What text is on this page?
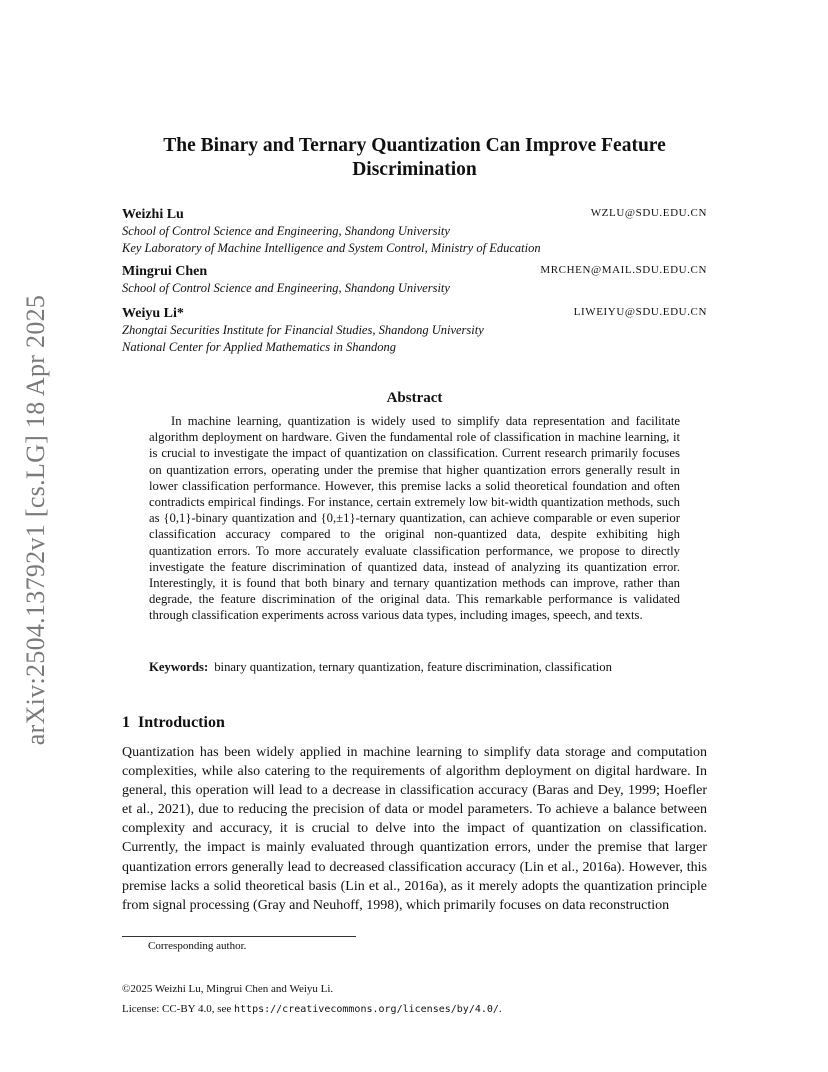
arXiv:2504.13792v1 [cs.LG] 18 Apr 2025
The Binary and Ternary Quantization Can Improve Feature Discrimination
Weizhi Lu	WZLU@SDU.EDU.CN
School of Control Science and Engineering, Shandong University
Key Laboratory of Machine Intelligence and System Control, Ministry of Education
Mingrui Chen	MRCHEN@MAIL.SDU.EDU.CN
School of Control Science and Engineering, Shandong University
Weiyu Li*	LIWEIYU@SDU.EDU.CN
Zhongtai Securities Institute for Financial Studies, Shandong University
National Center for Applied Mathematics in Shandong
Abstract

In machine learning, quantization is widely used to simplify data representation and facilitate algorithm deployment on hardware. Given the fundamental role of classification in machine learning, it is crucial to investigate the impact of quantization on classification. Current research primarily focuses on quantization errors, operating under the premise that higher quantization errors generally result in lower classification performance. However, this premise lacks a solid theoretical foundation and often contradicts empirical findings. For instance, certain extremely low bit-width quantization methods, such as {0,1}-binary quantization and {0,±1}-ternary quantization, can achieve comparable or even superior classification accuracy compared to the original non-quantized data, despite exhibiting high quantization errors. To more accurately evaluate classification performance, we propose to directly investigate the feature discrimination of quantized data, instead of analyzing its quantization error. Interestingly, it is found that both binary and ternary quantization methods can improve, rather than degrade, the feature discrimination of the original data. This remarkable performance is validated through classification experiments across various data types, including images, speech, and texts.

Keywords: binary quantization, ternary quantization, feature discrimination, classification

1 Introduction

Quantization has been widely applied in machine learning to simplify data storage and computation complexities, while also catering to the requirements of algorithm deployment on digital hardware. In general, this operation will lead to a decrease in classification accuracy (Baras and Dey, 1999; Hoefler et al., 2021), due to reducing the precision of data or model parameters. To achieve a balance between complexity and accuracy, it is crucial to delve into the impact of quantization on classification. Currently, the impact is mainly evaluated through quantization errors, under the premise that larger quantization errors generally lead to decreased classification accuracy (Lin et al., 2016a). However, this premise lacks a solid theoretical basis (Lin et al., 2016a), as it merely adopts the quantization principle from signal processing (Gray and Neuhoff, 1998), which primarily focuses on data reconstruction

Corresponding author.
©2025 Weizhi Lu, Mingrui Chen and Weiyu Li.
License: CC-BY 4.0, see https://creativecommons.org/licenses/by/4.0/.
